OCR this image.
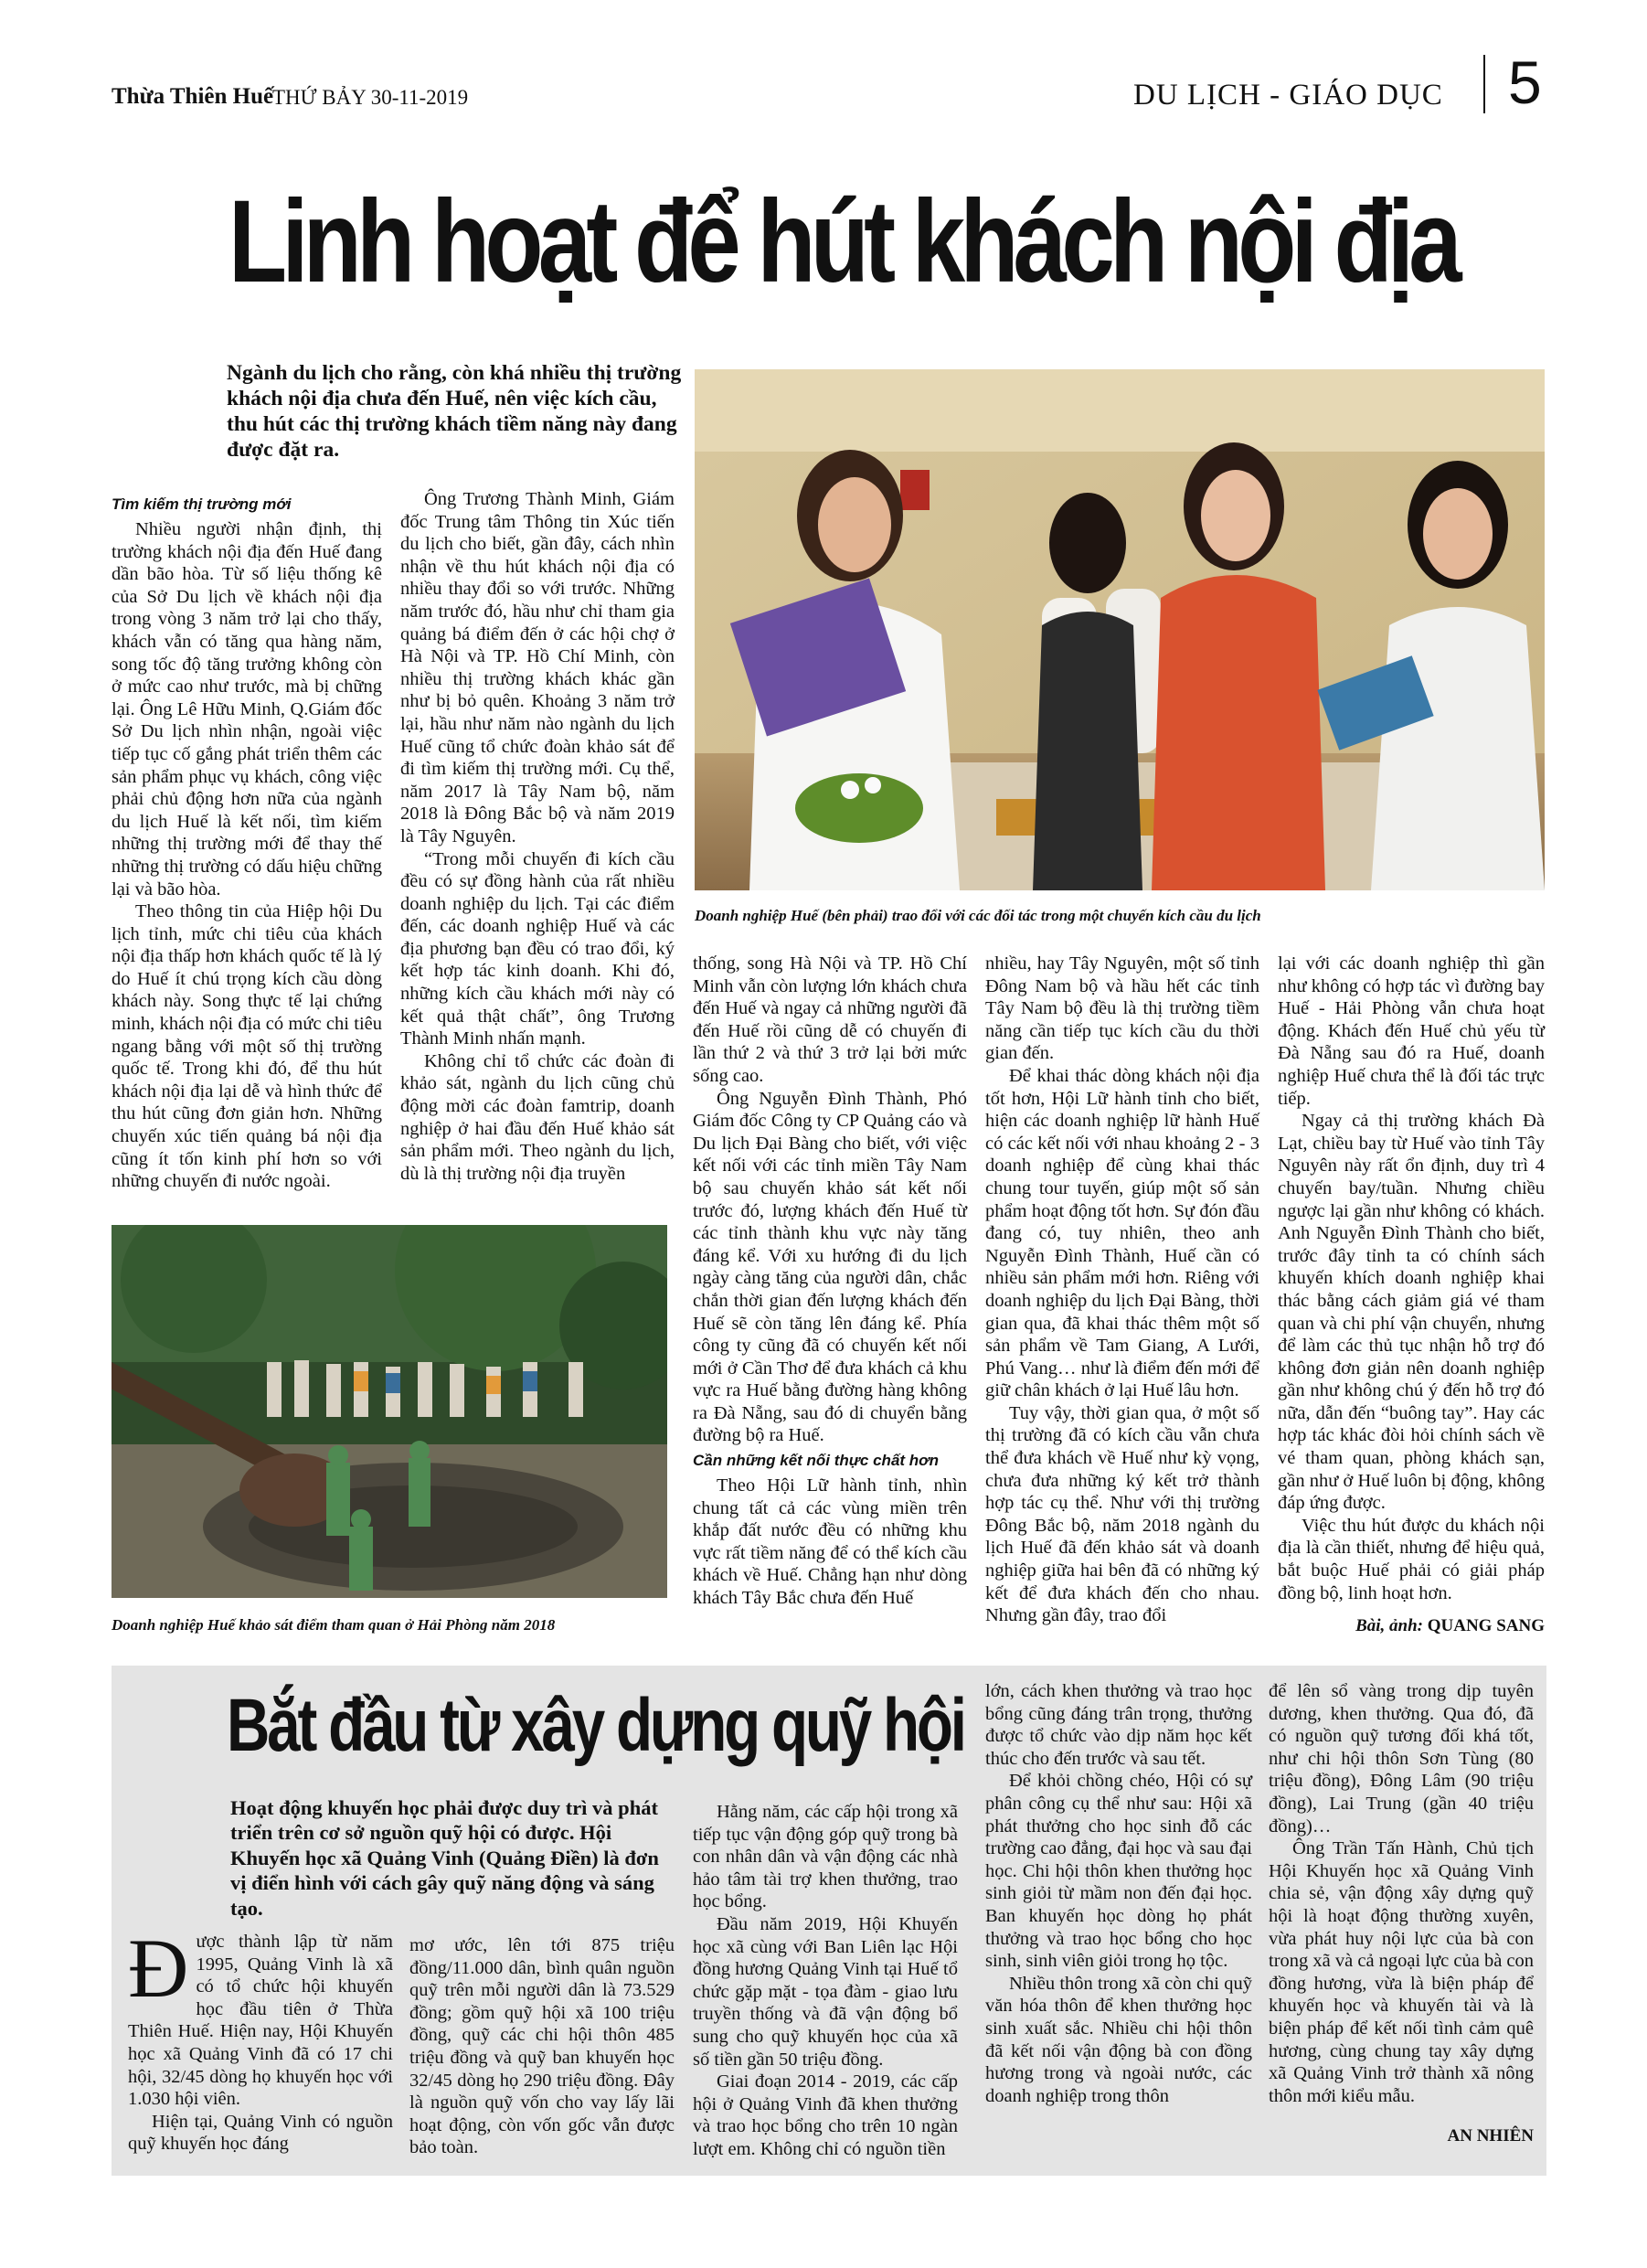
Thừa Thiên Huế
THỨ BẢY 30-11-2019	DU LỊCH - GIÁO DỤC 5
Linh hoạt để hút khách nội địa
Ngành du lịch cho rằng, còn khá nhiều thị trường khách nội địa chưa đến Huế, nên việc kích cầu, thu hút các thị trường khách tiềm năng này đang được đặt ra.
Doanh nghiệp Huế (bên phải) trao đổi với các đối tác trong một chuyến kích cầu du lịch
Tìm kiếm thị trường mới

Nhiều người nhận định, thị trường khách nội địa đến Huế đang dần bão hòa. Từ số liệu thống kê của Sở Du lịch về khách nội địa trong vòng 3 năm trở lại cho thấy, khách vẫn có tăng qua hàng năm, song tốc độ tăng trưởng không còn ở mức cao như trước, mà bị chững lại. Ông Lê Hữu Minh, Q.Giám đốc Sở Du lịch nhìn nhận, ngoài việc tiếp tục cố gắng phát triển thêm các sản phẩm phục vụ khách, công việc phải chủ động hơn nữa của ngành du lịch Huế là kết nối, tìm kiếm những thị trường mới để thay thế những thị trường có dấu hiệu chững lại và bão hòa.

Theo thông tin của Hiệp hội Du lịch tỉnh, mức chi tiêu của khách nội địa thấp hơn khách quốc tế là lý do Huế ít chú trọng kích cầu dòng khách này. Song thực tế lại chứng minh, khách nội địa có mức chi tiêu ngang bằng với một số thị trường quốc tế. Trong khi đó, để thu hút khách nội địa lại dễ và hình thức để thu hút cũng đơn giản hơn. Những chuyến xúc tiến quảng bá nội địa cũng ít tốn kinh phí hơn so với những chuyến đi nước ngoài.

Ông Trương Thành Minh, Giám đốc Trung tâm Thông tin Xúc tiến du lịch cho biết, gần đây, cách nhìn nhận về thu hút khách nội địa có nhiều thay đổi so với trước. Những năm trước đó, hầu như chỉ tham gia quảng bá điểm đến ở các hội chợ ở Hà Nội và TP. Hồ Chí Minh, còn nhiều thị trường khách khác gần như bị bỏ quên. Khoảng 3 năm trở lại, hầu như năm nào ngành du lịch Huế cũng tổ chức đoàn khảo sát để đi tìm kiếm thị trường mới. Cụ thể, năm 2017 là Tây Nam bộ, năm 2018 là Đông Bắc bộ và năm 2019 là Tây Nguyên.

“Trong mỗi chuyến đi kích cầu đều có sự đồng hành của rất nhiều doanh nghiệp du lịch. Tại các điểm đến, các doanh nghiệp Huế và các địa phương bạn đều có trao đổi, ký kết hợp tác kinh doanh. Khi đó, những kích cầu khách mới này có kết quả thật chất”, ông Trương Thành Minh nhấn mạnh.

Không chỉ tổ chức các đoàn đi khảo sát, ngành du lịch cũng chủ động mời các đoàn famtrip, doanh nghiệp ở hai đầu đến Huế khảo sát sản phẩm mới. Theo ngành du lịch, dù là thị trường nội địa truyền

Doanh nghiệp Huế khảo sát điểm tham quan ở Hải Phòng năm 2018

thống, song Hà Nội và TP. Hồ Chí Minh vẫn còn lượng lớn khách chưa đến Huế và ngay cả những người đã đến Huế rồi cũng dễ có chuyến đi lần thứ 2 và thứ 3 trở lại bởi mức sống cao.

Ông Nguyễn Đình Thành, Phó Giám đốc Công ty CP Quảng cáo và Du lịch Đại Bàng cho biết, với việc kết nối với các tỉnh miền Tây Nam bộ sau chuyến khảo sát kết nối trước đó, lượng khách đến Huế từ các tỉnh thành khu vực này tăng đáng kể. Với xu hướng đi du lịch ngày càng tăng của người dân, chắc chắn thời gian đến lượng khách đến Huế sẽ còn tăng lên đáng kể. Phía công ty cũng đã có chuyến kết nối mới ở Cần Thơ để đưa khách cả khu vực ra Huế bằng đường hàng không ra Đà Nẵng, sau đó di chuyển bằng đường bộ ra Huế.

Cần những kết nối thực chất hơn

Theo Hội Lữ hành tỉnh, nhìn chung tất cả các vùng miền trên khắp đất nước đều có những khu vực rất tiềm năng để có thể kích cầu khách về Huế. Chẳng hạn như dòng khách Tây Bắc chưa đến Huế

nhiều, hay Tây Nguyên, một số tỉnh Đông Nam bộ và hầu hết các tỉnh Tây Nam bộ đều là thị trường tiềm năng cần tiếp tục kích cầu du thời gian đến.

Để khai thác dòng khách nội địa tốt hơn, Hội Lữ hành tỉnh cho biết, hiện các doanh nghiệp lữ hành Huế có các kết nối với nhau khoảng 2 - 3 doanh nghiệp để cùng khai thác chung tour tuyến, giúp một số sản phẩm hoạt động tốt hơn. Sự đón đầu đang có, tuy nhiên, theo anh Nguyễn Đình Thành, Huế cần có nhiều sản phẩm mới hơn. Riêng với doanh nghiệp du lịch Đại Bàng, thời gian qua, đã khai thác thêm một số sản phẩm về Tam Giang, A Lưới, Phú Vang… như là điểm đến mới để giữ chân khách ở lại Huế lâu hơn.

Tuy vậy, thời gian qua, ở một số thị trường đã có kích cầu vẫn chưa thể đưa khách về Huế như kỳ vọng, chưa đưa những ký kết trở thành hợp tác cụ thể. Như với thị trường Đông Bắc bộ, năm 2018 ngành du lịch Huế đã đến khảo sát và doanh nghiệp giữa hai bên đã có những ký kết để đưa khách đến cho nhau. Nhưng gần đây, trao đổi

lại với các doanh nghiệp thì gần như không có hợp tác vì đường bay Huế - Hải Phòng vẫn chưa hoạt động. Khách đến Huế chủ yếu từ Đà Nẵng sau đó ra Huế, doanh nghiệp Huế chưa thể là đối tác trực tiếp.

Ngay cả thị trường khách Đà Lạt, chiều bay từ Huế vào tỉnh Tây Nguyên này rất ổn định, duy trì 4 chuyến bay/tuần. Nhưng chiều ngược lại gần như không có khách. Anh Nguyễn Đình Thành cho biết, trước đây tỉnh ta có chính sách khuyến khích doanh nghiệp khai thác bằng cách giảm giá vé tham quan và chi phí vận chuyển, nhưng để làm các thủ tục nhận hỗ trợ đó không đơn giản nên doanh nghiệp gần như không chú ý đến hỗ trợ đó nữa, dẫn đến “buông tay”. Hay các hợp tác khác đòi hỏi chính sách về vé tham quan, phòng khách sạn, gần như ở Huế luôn bị động, không đáp ứng được.

Việc thu hút được du khách nội địa là cần thiết, nhưng để hiệu quả, bắt buộc Huế phải có giải pháp đồng bộ, linh hoạt hơn.

Bài, ảnh: QUANG SANG
Bắt đầu từ xây dựng quỹ hội
Hoạt động khuyến học phải được duy trì và phát triển trên cơ sở nguồn quỹ hội có được. Hội Khuyến học xã Quảng Vinh (Quảng Điền) là đơn vị điển hình với cách gây quỹ năng động và sáng tạo.
Đ ược thành lập từ năm 1995, Quảng Vinh là xã có tổ chức hội khuyến học đầu tiên ở Thừa Thiên Huế. Hiện nay, Hội Khuyến học xã Quảng Vinh đã có 17 chi hội, 32/45 dòng họ khuyến học với 1.030 hội viên.

Hiện tại, Quảng Vinh có nguồn quỹ khuyến học đáng

mơ ước, lên tới 875 triệu đồng/11.000 dân, bình quân nguồn quỹ trên mỗi người dân là 73.529 đồng; gồm quỹ hội xã 100 triệu đồng, quỹ các chi hội thôn 485 triệu đồng và quỹ ban khuyến học 32/45 dòng họ 290 triệu đồng. Đây là nguồn quỹ vốn cho vay lấy lãi hoạt động, còn vốn gốc vẫn được bảo toàn.

Hằng năm, các cấp hội trong xã tiếp tục vận động góp quỹ trong bà con nhân dân và vận động các nhà hảo tâm tài trợ khen thưởng, trao học bổng.

Đầu năm 2019, Hội Khuyến học xã cùng với Ban Liên lạc Hội đồng hương Quảng Vinh tại Huế tổ chức gặp mặt - tọa đàm - giao lưu truyền thống và đã vận động bổ sung cho quỹ khuyến học của xã số tiền gần 50 triệu đồng.

Giai đoạn 2014 - 2019, các cấp hội ở Quảng Vinh đã khen thưởng và trao học bổng cho trên 10 ngàn lượt em. Không chỉ có nguồn tiền

lớn, cách khen thưởng và trao học bổng cũng đáng trân trọng, thưởng được tổ chức vào dịp năm học kết thúc cho đến trước và sau tết.

Để khỏi chồng chéo, Hội có sự phân công cụ thể như sau: Hội xã phát thưởng cho học sinh đỗ các trường cao đẳng, đại học và sau đại học. Chi hội thôn khen thưởng học sinh giỏi từ mầm non đến đại học. Ban khuyến học dòng họ phát thưởng và trao học bổng cho học sinh, sinh viên giỏi trong họ tộc.

Nhiều thôn trong xã còn chi quỹ văn hóa thôn để khen thưởng học sinh xuất sắc. Nhiều chi hội thôn đã kết nối vận động bà con đồng hương trong và ngoài nước, các doanh nghiệp trong thôn

để lên sổ vàng trong dịp tuyên dương, khen thưởng. Qua đó, đã có nguồn quỹ tương đối khá tốt, như chi hội thôn Sơn Tùng (80 triệu đồng), Đông Lâm (90 triệu đồng), Lai Trung (gần 40 triệu đồng)…

Ông Trần Tấn Hành, Chủ tịch Hội Khuyến học xã Quảng Vinh chia sẻ, vận động xây dựng quỹ hội là hoạt động thường xuyên, vừa phát huy nội lực của bà con trong xã và cả ngoại lực của bà con đồng hương, vừa là biện pháp để khuyến học và khuyến tài và là biện pháp để kết nối tình cảm quê hương, cùng chung tay xây dựng xã Quảng Vinh trở thành xã nông thôn mới kiểu mẫu.

AN NHIÊN
